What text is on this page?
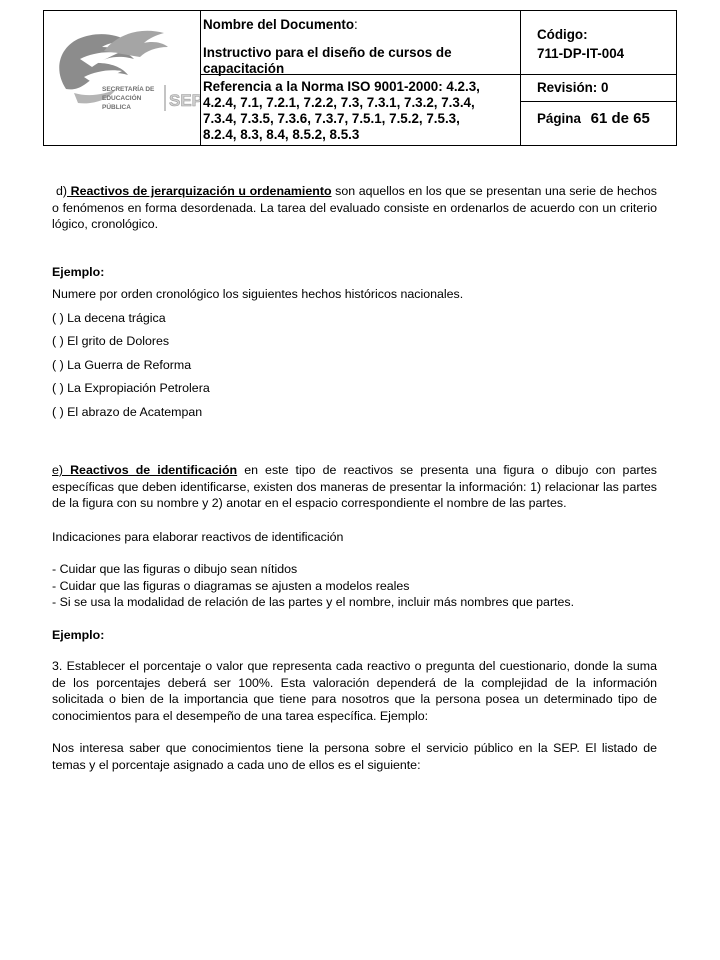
SECRETARÍA DE
EDUCACIÓN
PÚBLICA SEP
Nombre del Documento:
Instructivo para el diseño de cursos de
capacitación
Referencia a la Norma ISO 9001-2000: 4.2.3,
4.2.4, 7.1, 7.2.1, 7.2.2, 7.3, 7.3.1, 7.3.2, 7.3.4,
7.3.4, 7.3.5, 7.3.6, 7.3.7, 7.5.1, 7.5.2, 7.5.3,
8.2.4, 8.3, 8.4, 8.5.2, 8.5.3
Código:
711-DP-IT-004
Revisión: 0
Página 61 de 65

d) Reactivos de jerarquización u ordenamiento son aquellos en los que se presentan una serie de hechos o fenómenos en forma desordenada. La tarea del evaluado consiste en ordenarlos de acuerdo con un criterio lógico, cronológico.

Ejemplo:

Numere por orden cronológico los siguientes hechos históricos nacionales.

( ) La decena trágica

( ) El grito de Dolores

( ) La Guerra de Reforma

( ) La Expropiación Petrolera

( ) El abrazo de Acatempan

e) Reactivos de identificación en este tipo de reactivos se presenta una figura o dibujo con partes específicas que deben identificarse, existen dos maneras de presentar la información: 1) relacionar las partes de la figura con su nombre y 2) anotar en el espacio correspondiente el nombre de las partes.

Indicaciones para elaborar reactivos de identificación

- Cuidar que las figuras o dibujo sean nítidos

- Cuidar que las figuras o diagramas se ajusten a modelos reales

- Si se usa la modalidad de relación de las partes y el nombre, incluir más nombres que partes.

Ejemplo:

3. Establecer el porcentaje o valor que representa cada reactivo o pregunta del cuestionario, donde la suma de los porcentajes deberá ser 100%. Esta valoración dependerá de la complejidad de la información solicitada o bien de la importancia que tiene para nosotros que la persona posea un determinado tipo de conocimientos para el desempeño de una tarea específica. Ejemplo:

Nos interesa saber que conocimientos tiene la persona sobre el servicio público en la SEP. El listado de temas y el porcentaje asignado a cada uno de ellos es el siguiente:
